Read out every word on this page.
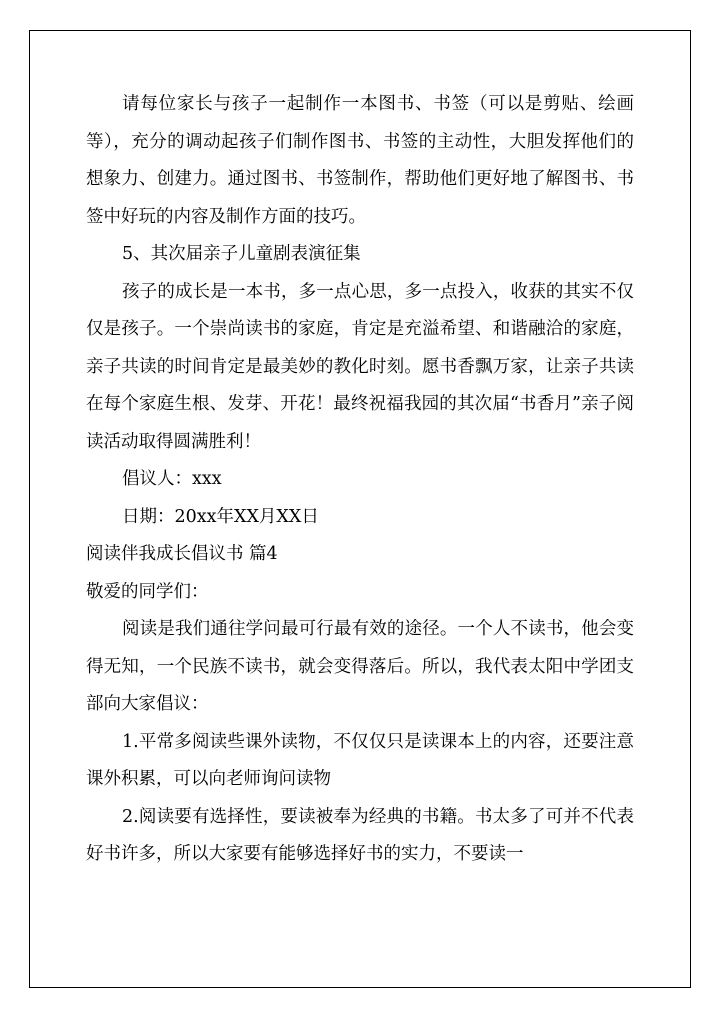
请每位家长与孩子一起制作一本图书、书签（可以是剪贴、绘画等），充分的调动起孩子们制作图书、书签的主动性，大胆发挥他们的想象力、创建力。通过图书、书签制作，帮助他们更好地了解图书、书签中好玩的内容及制作方面的技巧。

5、其次届亲子儿童剧表演征集

孩子的成长是一本书，多一点心思，多一点投入，收获的其实不仅仅是孩子。一个崇尚读书的家庭，肯定是充溢希望、和谐融洽的家庭，亲子共读的时间肯定是最美妙的教化时刻。愿书香飘万家，让亲子共读在每个家庭生根、发芽、开花！最终祝福我园的其次届“书香月”亲子阅读活动取得圆满胜利！

倡议人：xxx

日期：20xx年XX月XX日

阅读伴我成长倡议书 篇4

敬爱的同学们：

阅读是我们通往学问最可行最有效的途径。一个人不读书，他会变得无知，一个民族不读书，就会变得落后。所以，我代表太阳中学团支部向大家倡议：

1.平常多阅读些课外读物，不仅仅只是读课本上的内容，还要注意课外积累，可以向老师询问读物

2.阅读要有选择性，要读被奉为经典的书籍。书太多了可并不代表好书许多，所以大家要有能够选择好书的实力，不要读一
